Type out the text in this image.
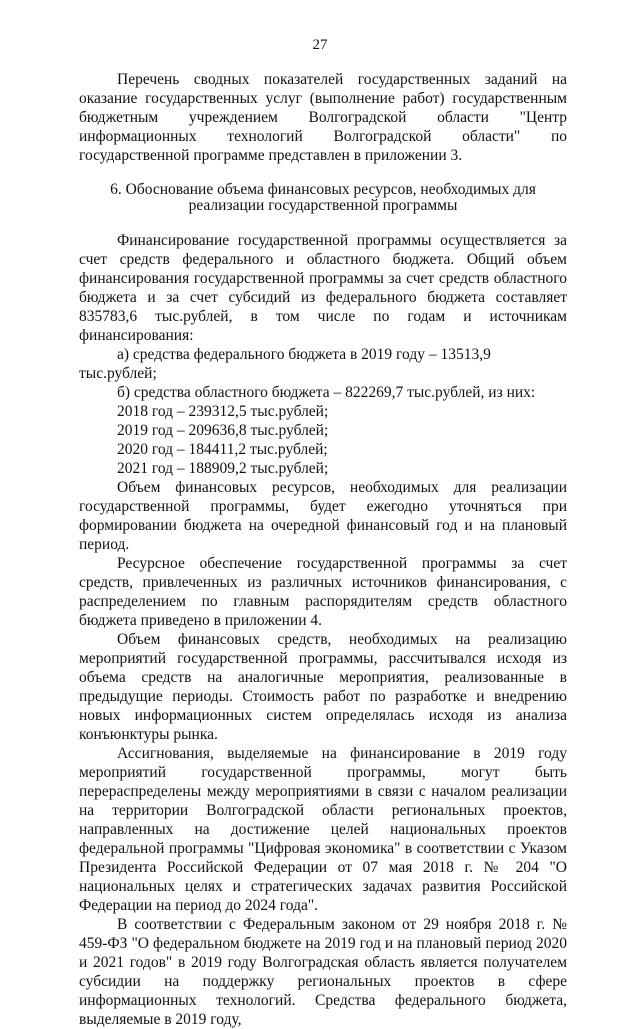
27

Перечень сводных показателей государственных заданий на оказание государственных услуг (выполнение работ) государственным бюджетным учреждением Волгоградской области "Центр информационных технологий Волгоградской области" по государственной программе представлен в приложении 3.

6. Обоснование объема финансовых ресурсов, необходимых для реализации государственной программы

Финансирование государственной программы осуществляется за счет средств федерального и областного бюджета. Общий объем финансирования государственной программы за счет средств областного бюджета и за счет субсидий из федерального бюджета составляет 835783,6 тыс.рублей, в том числе по годам и источникам финансирования:

а) средства федерального бюджета в 2019 году – 13513,9 тыс.рублей;

б) средства областного бюджета – 822269,7 тыс.рублей, из них:

2018 год – 239312,5 тыс.рублей;

2019 год – 209636,8 тыс.рублей;

2020 год – 184411,2 тыс.рублей;

2021 год – 188909,2 тыс.рублей;

Объем финансовых ресурсов, необходимых для реализации государственной программы, будет ежегодно уточняться при формировании бюджета на очередной финансовый год и на плановый период.

Ресурсное обеспечение государственной программы за счет средств, привлеченных из различных источников финансирования, с распределением по главным распорядителям средств областного бюджета приведено в приложении 4.

Объем финансовых средств, необходимых на реализацию мероприятий государственной программы, рассчитывался исходя из объема средств на аналогичные мероприятия, реализованные в предыдущие периоды. Стоимость работ по разработке и внедрению новых информационных систем определялась исходя из анализа конъюнктуры рынка.

Ассигнования, выделяемые на финансирование в 2019 году мероприятий государственной программы, могут быть перераспределены между мероприятиями в связи с началом реализации на территории Волгоградской области региональных проектов, направленных на достижение целей национальных проектов федеральной программы "Цифровая экономика" в соответствии с Указом Президента Российской Федерации от 07 мая 2018 г. № 204 "О национальных целях и стратегических задачах развития Российской Федерации на период до 2024 года".

В соответствии с Федеральным законом от 29 ноября 2018 г. № 459-ФЗ "О федеральном бюджете на 2019 год и на плановый период 2020 и 2021 годов" в 2019 году Волгоградская область является получателем субсидии на поддержку региональных проектов в сфере информационных технологий. Средства федерального бюджета, выделяемые в 2019 году,
